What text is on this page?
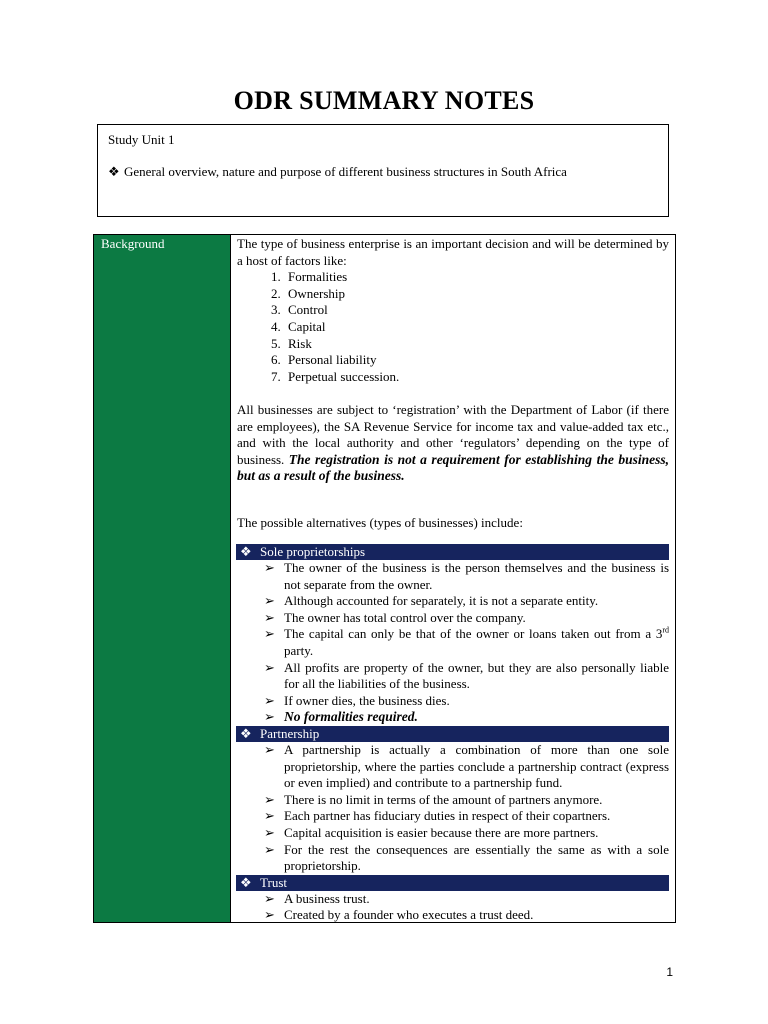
ODR SUMMARY NOTES
Study Unit 1
❖ General overview, nature and purpose of different business structures in South Africa
Background	The type of business enterprise is an important decision and will be determined by a host of factors like:

1. Formalities
2. Ownership
3. Control
4. Capital
5. Risk
6. Personal liability
7. Perpetual succession.

All businesses are subject to ‘registration’ with the Department of Labor (if there are employees), the SA Revenue Service for income tax and value-added tax etc., and with the local authority and other ‘regulators’ depending on the type of business. The registration is not a requirement for establishing the business, but as a result of the business.

The possible alternatives (types of businesses) include:

❖ Sole proprietorships
➢ The owner of the business is the person themselves and the business is not separate from the owner.
➢ Although accounted for separately, it is not a separate entity.
➢ The owner has total control over the company.
➢ The capital can only be that of the owner or loans taken out from a 3rd party.
➢ All profits are property of the owner, but they are also personally liable for all the liabilities of the business.
➢ If owner dies, the business dies.
➢ No formalities required.
❖ Partnership
➢ A partnership is actually a combination of more than one sole proprietorship, where the parties conclude a partnership contract (express or even implied) and contribute to a partnership fund.
➢ There is no limit in terms of the amount of partners anymore.
➢ Each partner has fiduciary duties in respect of their copartners.
➢ Capital acquisition is easier because there are more partners.
➢ For the rest the consequences are essentially the same as with a sole proprietorship.
❖ Trust
➢ A business trust.
➢ Created by a founder who executes a trust deed.
1
